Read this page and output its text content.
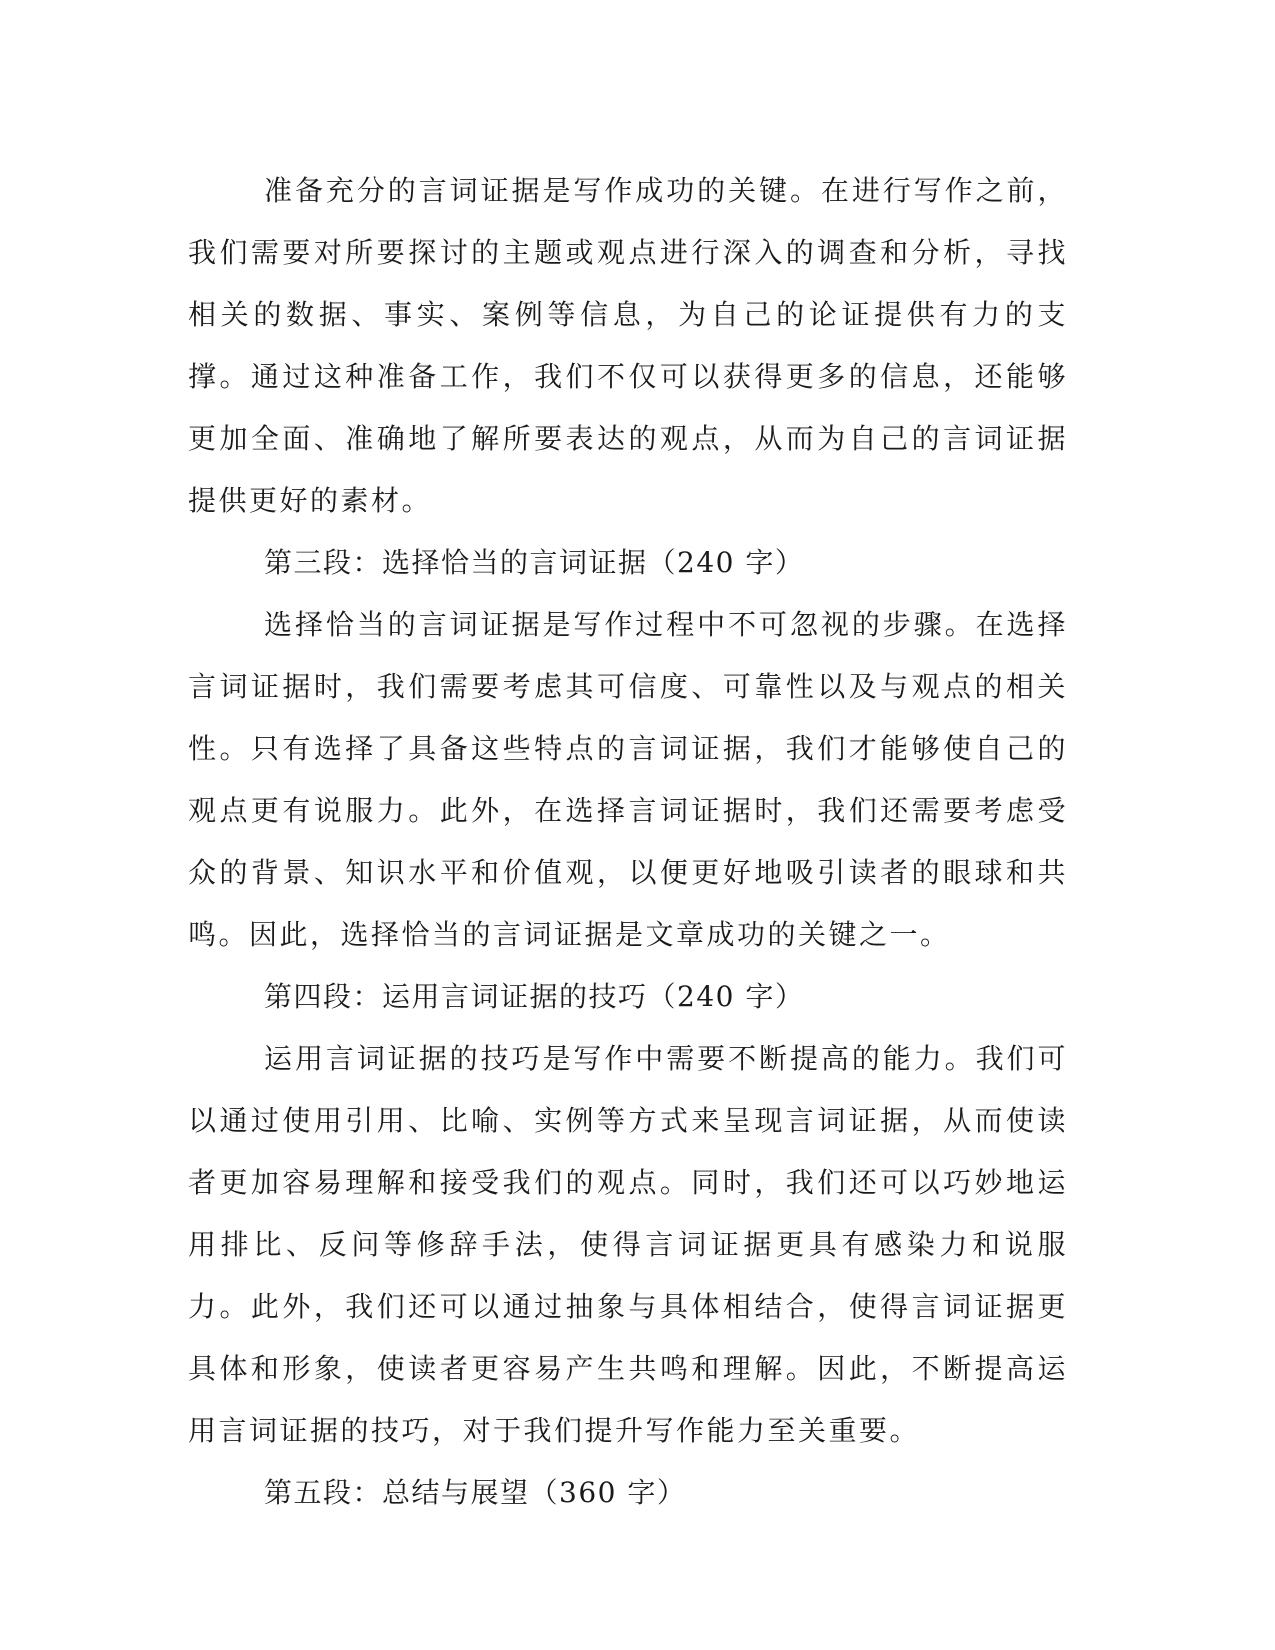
准备充分的言词证据是写作成功的关键。在进行写作之前，我们需要对所要探讨的主题或观点进行深入的调查和分析，寻找相关的数据、事实、案例等信息，为自己的论证提供有力的支撑。通过这种准备工作，我们不仅可以获得更多的信息，还能够更加全面、准确地了解所要表达的观点，从而为自己的言词证据提供更好的素材。

第三段：选择恰当的言词证据（240 字）

选择恰当的言词证据是写作过程中不可忽视的步骤。在选择言词证据时，我们需要考虑其可信度、可靠性以及与观点的相关性。只有选择了具备这些特点的言词证据，我们才能够使自己的观点更有说服力。此外，在选择言词证据时，我们还需要考虑受众的背景、知识水平和价值观，以便更好地吸引读者的眼球和共鸣。因此，选择恰当的言词证据是文章成功的关键之一。

第四段：运用言词证据的技巧（240 字）

运用言词证据的技巧是写作中需要不断提高的能力。我们可以通过使用引用、比喻、实例等方式来呈现言词证据，从而使读者更加容易理解和接受我们的观点。同时，我们还可以巧妙地运用排比、反问等修辞手法，使得言词证据更具有感染力和说服力。此外，我们还可以通过抽象与具体相结合，使得言词证据更具体和形象，使读者更容易产生共鸣和理解。因此，不断提高运用言词证据的技巧，对于我们提升写作能力至关重要。

第五段：总结与展望（360 字）
